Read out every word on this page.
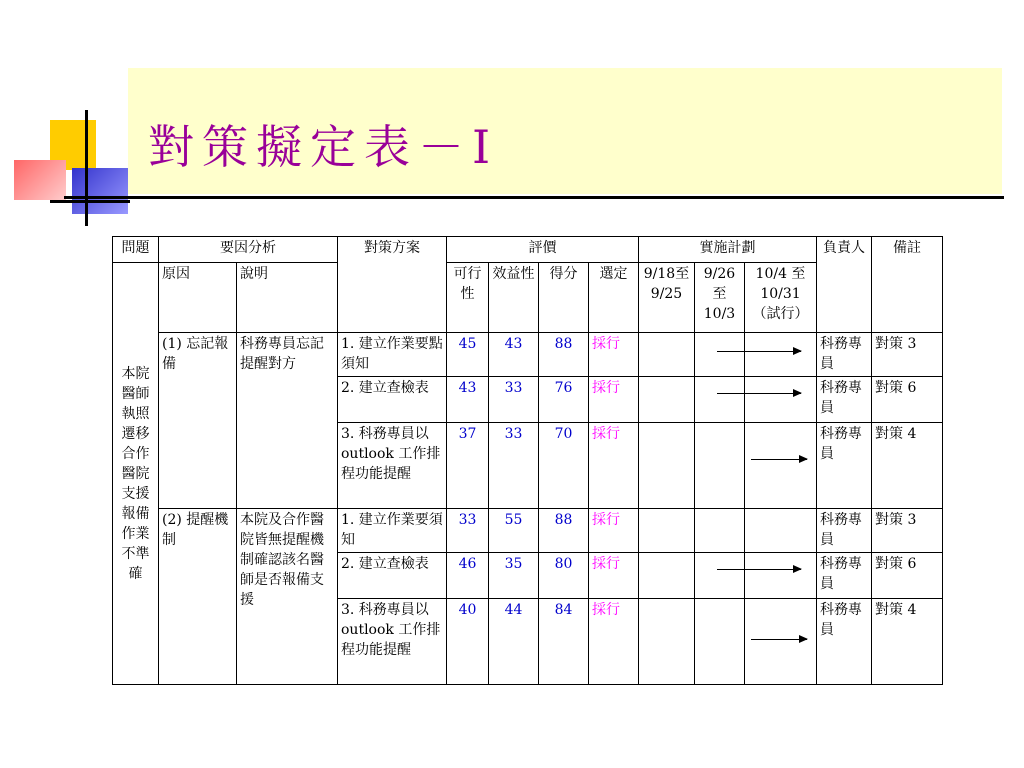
對策擬定表－I
問題	要因分析		對策方案	評價				實施計劃			負責人	備註
本院醫師執照遷移合作醫院支援報備作業不準確	原因	說明		可行性	效益性	得分	選定	9/18至9/25	9/26至10/3	10/4 至10/31（試行）		
	(1) 忘記報備	科務專員忘記提醒對方	1. 建立作業要點須知	45	43	88	採行				科務專員	對策 3
			2. 建立查檢表	43	33	76	採行				科務專員	對策 6
			3. 科務專員以 outlook 工作排程功能提醒	37	33	70	採行				科務專員	對策 4
	(2) 提醒機制	本院及合作醫院皆無提醒機制確認該名醫師是否報備支援	1. 建立作業要須知	33	55	88	採行				科務專員	對策 3
			2. 建立查檢表	46	35	80	採行				科務專員	對策 6
			3. 科務專員以 outlook 工作排程功能提醒	40	44	84	採行				科務專員	對策 4
